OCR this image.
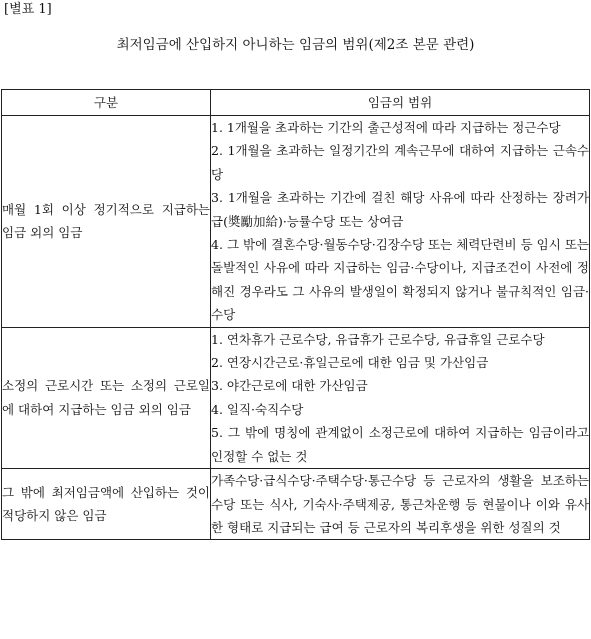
[별표 1]
최저임금에 산입하지 아니하는 임금의 범위(제2조 본문 관련)
구분	임금의 범위
매월 1회 이상 정기적으로 지급하는 임금 외의 임금	1. 1개월을 초과하는 기간의 출근성적에 따라 지급하는 정근수당

2. 1개월을 초과하는 일정기간의 계속근무에 대하여 지급하는 근속수당

3. 1개월을 초과하는 기간에 걸친 해당 사유에 따라 산정하는 장려가급(奬勵加給)·능률수당 또는 상여금

4. 그 밖에 결혼수당·월동수당·김장수당 또는 체력단련비 등 임시 또는 돌발적인 사유에 따라 지급하는 임금·수당이나, 지급조건이 사전에 정해진 경우라도 그 사유의 발생일이 확정되지 않거나 불규칙적인 임금·수당

소정의 근로시간 또는 소정의 근로일에 대하여 지급하는 임금 외의 임금	1. 연차휴가 근로수당, 유급휴가 근로수당, 유급휴일 근로수당

2. 연장시간근로·휴일근로에 대한 임금 및 가산임금

3. 야간근로에 대한 가산임금

4. 일직·숙직수당

5. 그 밖에 명칭에 관계없이 소정근로에 대하여 지급하는 임금이라고 인정할 수 없는 것

그 밖에 최저임금액에 산입하는 것이 적당하지 않은 임금	가족수당·급식수당·주택수당·통근수당 등 근로자의 생활을 보조하는 수당 또는 식사, 기숙사·주택제공, 통근차운행 등 현물이나 이와 유사한 형태로 지급되는 급여 등 근로자의 복리후생을 위한 성질의 것
